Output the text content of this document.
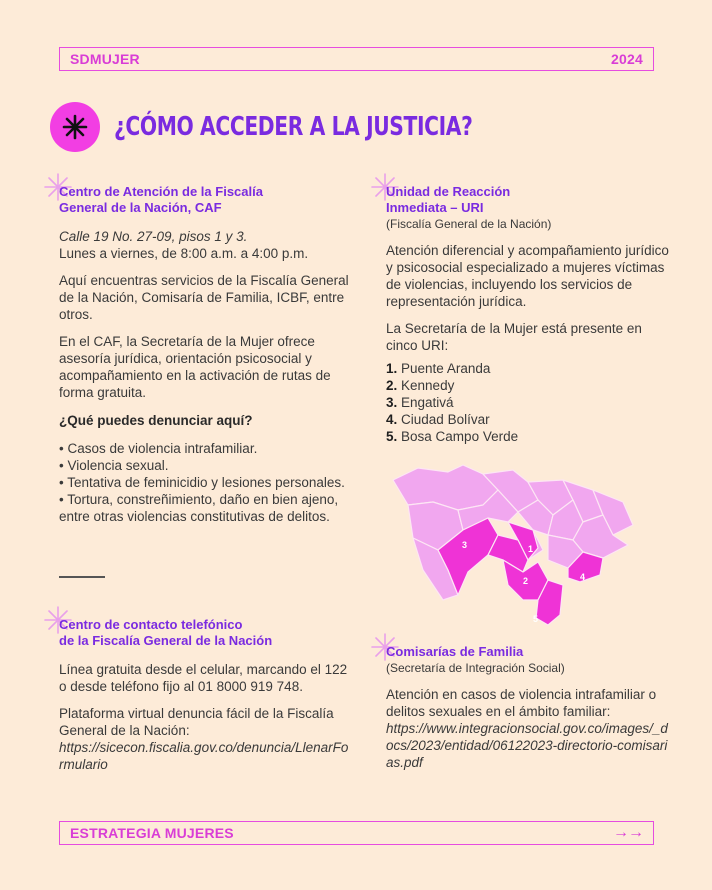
SDMUJER	2024
¿CÓMO ACCEDER A LA JUSTICIA?
Centro de Atención de la Fiscalía
General de la Nación, CAF
Calle 19 No. 27-09, pisos 1 y 3.
Lunes a viernes, de 8:00 a.m. a 4:00 p.m.
Aquí encuentras servicios de la Fiscalía General de la Nación, Comisaría de Familia, ICBF, entre otros.
En el CAF, la Secretaría de la Mujer ofrece asesoría jurídica, orientación psicosocial y acompañamiento en la activación de rutas de forma gratuita.
¿Qué puedes denunciar aquí?
• Casos de violencia intrafamiliar.
• Violencia sexual.
• Tentativa de feminicidio y lesiones personales.
• Tortura, constreñimiento, daño en bien ajeno, entre otras violencias constitutivas de delitos.
Centro de contacto telefónico
de la Fiscalía General de la Nación
Línea gratuita desde el celular, marcando el 122 o desde teléfono fijo al 01 8000 919 748.
Plataforma virtual denuncia fácil de la Fiscalía General de la Nación:
https://sicecon.fiscalia.gov.co/denuncia/LlenarFormulario
Unidad de Reacción
Inmediata – URI
(Fiscalía General de la Nación)
Atención diferencial y acompañamiento jurídico y psicosocial especializado a mujeres víctimas de violencias, incluyendo los servicios de representación jurídica.
La Secretaría de la Mujer está presente en cinco URI:
1. Puente Aranda
2. Kennedy
3. Engativá
4. Ciudad Bolívar
5. Bosa Campo Verde
1
2
3
4
5
Comisarías de Familia
(Secretaría de Integración Social)
Atención en casos de violencia intrafamiliar o delitos sexuales en el ámbito familiar:
https://www.integracionsocial.gov.co/images/_docs/2023/entidad/06122023-directorio-comisarias.pdf
ESTRATEGIA MUJERES	→→
